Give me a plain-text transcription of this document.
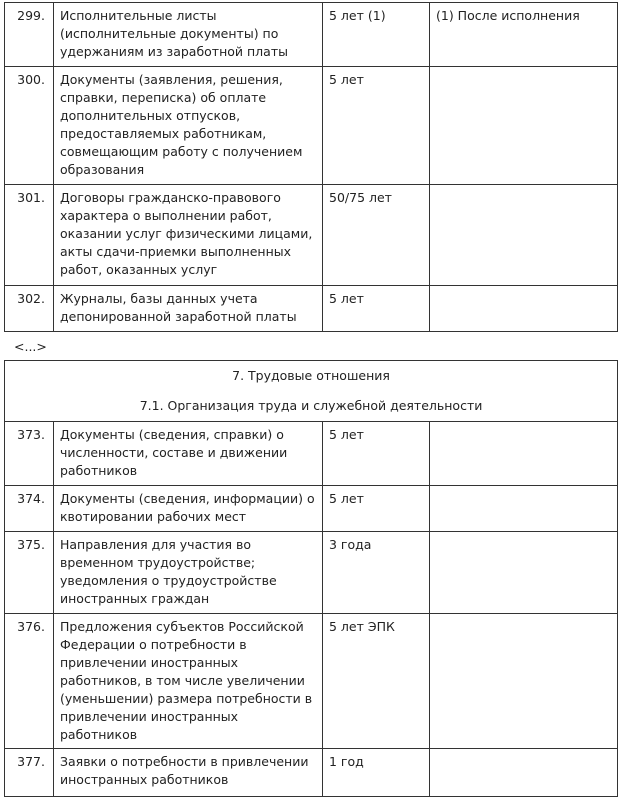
299.	Исполнительные листы (исполнительные документы) по удержаниям из заработной платы	5 лет (1)	(1) После исполнения
300.	Документы (заявления, решения, справки, переписка) об оплате дополнительных отпусков, предоставляемых работникам, совмещающим работу с получением образования	5 лет	
301.	Договоры гражданско-правового характера о выполнении работ, оказании услуг физическими лицами, акты сдачи-приемки выполненных работ, оказанных услуг	50/75 лет	
302.	Журналы, базы данных учета депонированной заработной платы	5 лет	

<...>

7. Трудовые отношения
7.1. Организация труда и служебной деятельности			

373.	Документы (сведения, справки) о численности, составе и движении работников	5 лет	
374.	Документы (сведения, информации) о квотировании рабочих мест	5 лет	
375.	Направления для участия во временном трудоустройстве; уведомления о трудоустройстве иностранных граждан	3 года	
376.	Предложения субъектов Российской Федерации о потребности в привлечении иностранных работников, в том числе увеличении (уменьшении) размера потребности в привлечении иностранных работников	5 лет ЭПК	
377.	Заявки о потребности в привлечении иностранных работников	1 год	
